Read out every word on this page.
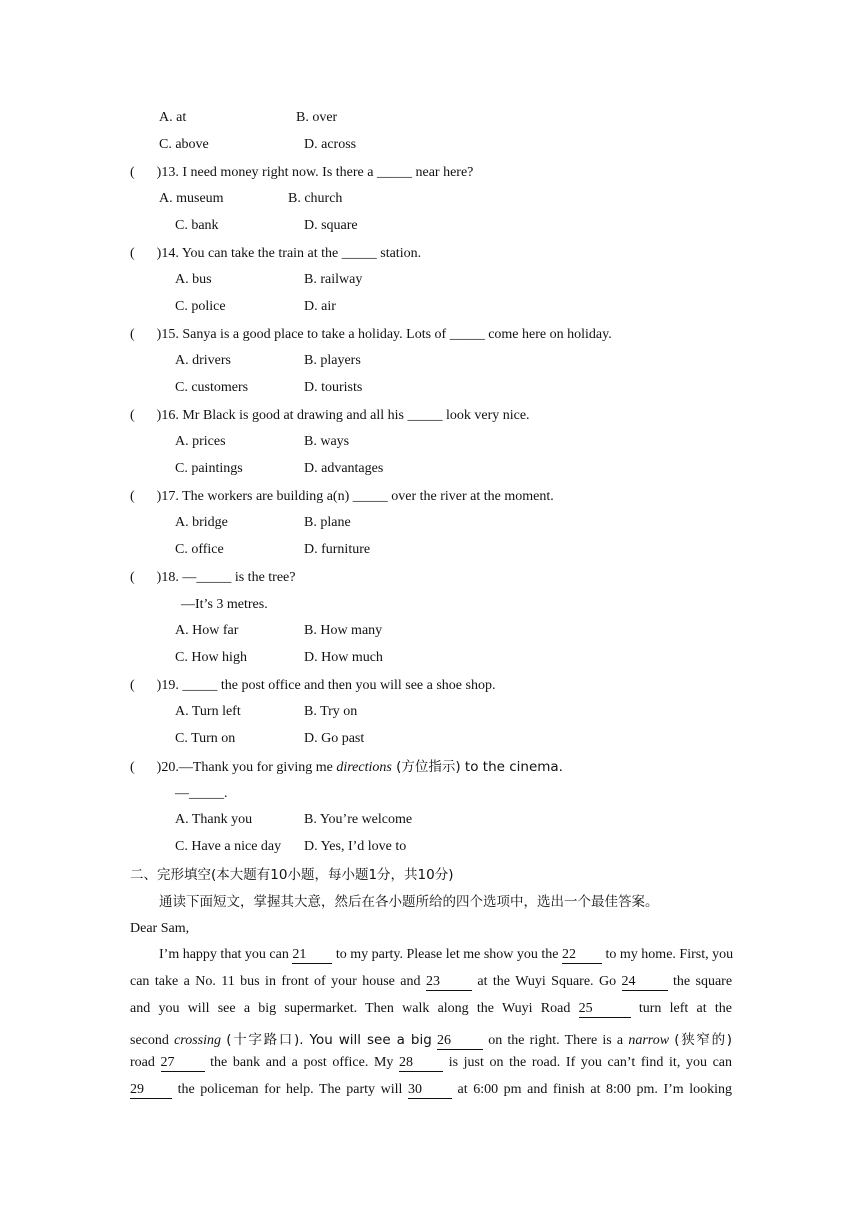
A. at	B. over
C. above	D. across
( )13. I need money right now. Is there a _____ near here?
A. museum	B. church
C. bank	D. square
( )14. You can take the train at the _____ station.
A. bus	B. railway
C. police	D. air
( )15. Sanya is a good place to take a holiday. Lots of _____ come here on holiday.
A. drivers	B. players
C. customers	D. tourists
( )16. Mr Black is good at drawing and all his _____ look very nice.
A. prices	B. ways
C. paintings	D. advantages
( )17. The workers are building a(n) _____ over the river at the moment.
A. bridge	B. plane
C. office	D. furniture
( )18. —_____ is the tree?
—It’s 3 metres.
A. How far	B. How many
C. How high	D. How much
( )19. _____ the post office and then you will see a shoe shop.
A. Turn left	B. Try on
C. Turn on	D. Go past
( )20.—Thank you for giving me directions (方位指示) to the cinema.
—_____.
A. Thank you	B. You’re welcome
C. Have a nice day D. Yes, I’d love to
二、完形填空(本大题有10小题，每小题1分，共10分)
通读下面短文，掌握其大意，然后在各小题所给的四个选项中，选出一个最佳答案。
Dear Sam,
I’m happy that you can 21 to my party. Please let me show you the 22 to my home. First, you
can take a No. 11 bus in front of your house and 23	at the Wuyi Square. Go 24	the square
and you will see a big supermarket. Then walk along the Wuyi Road 25	turn left at the
second crossing (十字路口). You will see a big 26	on the right. There is a narrow (狭窄的)
road 27	the bank and a post office. My 28	is just on the road. If you can’t find it, you can
29 the policeman for help. The party will 30	at 6:00 pm and finish at 8:00 pm. I’m looking
